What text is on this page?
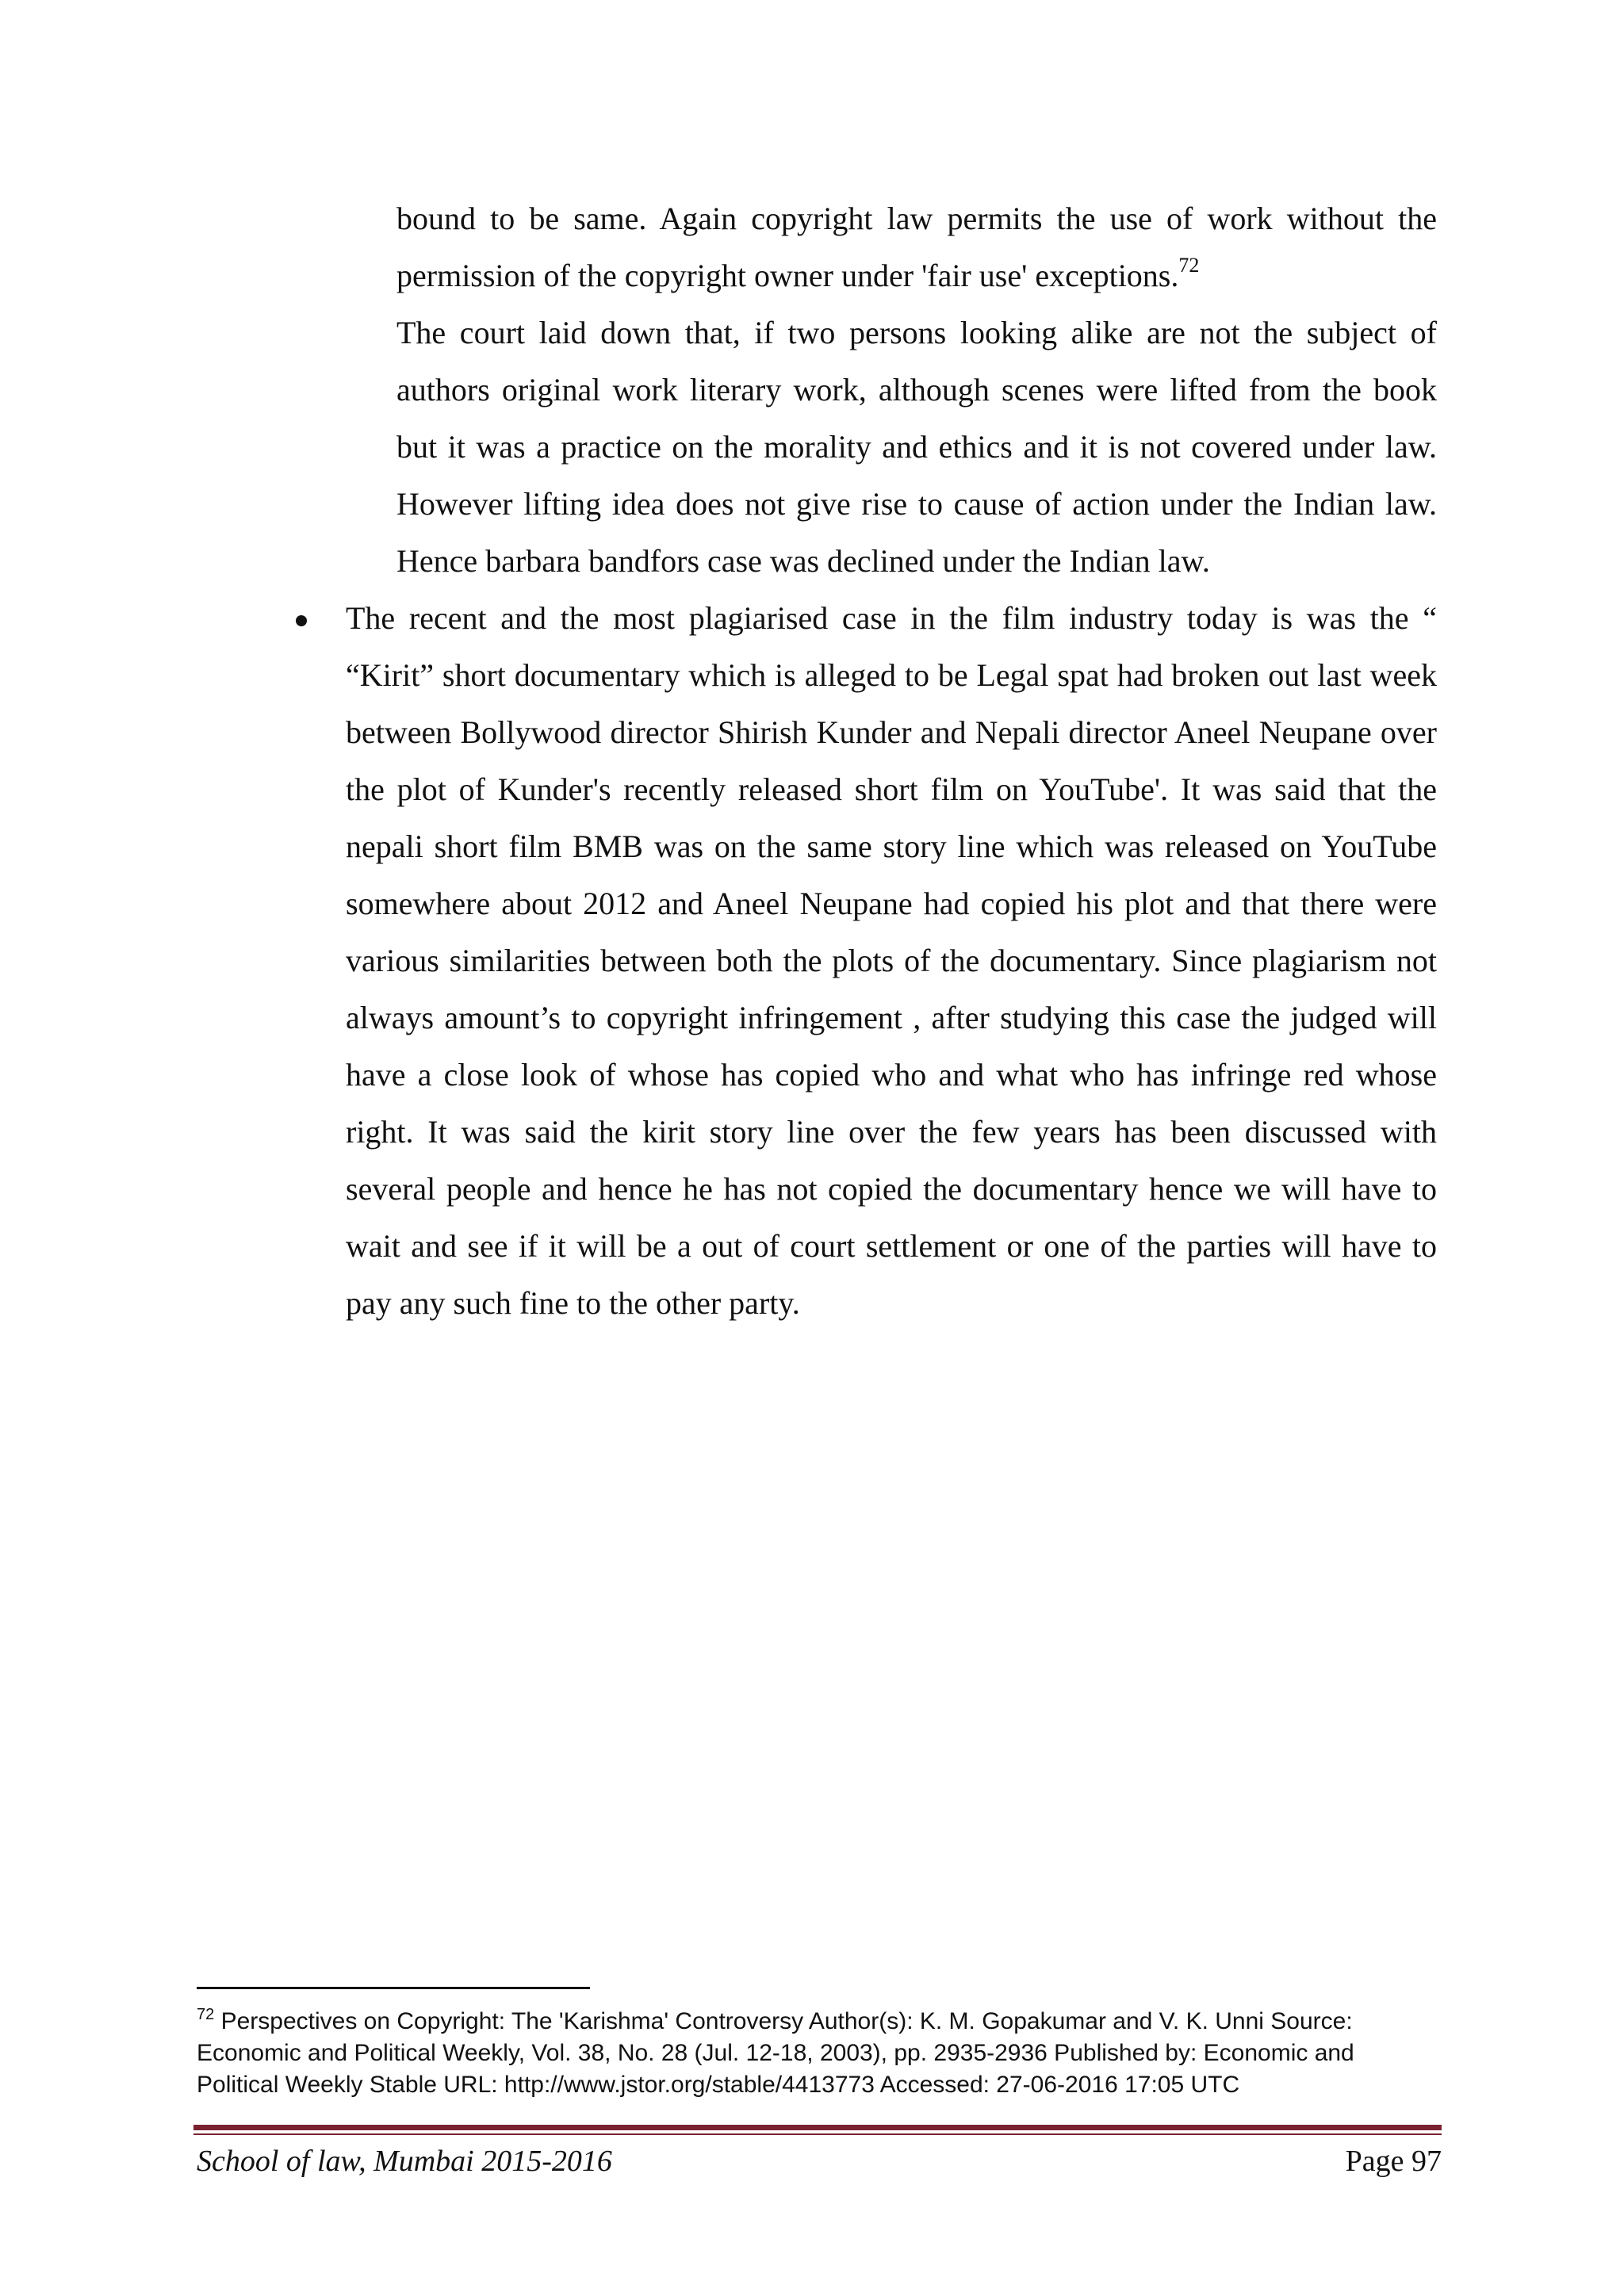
bound to be same. Again copyright law permits the use of work without the permission of the copyright owner under 'fair use' exceptions.$^{72}$

The court laid down that, if two persons looking alike are not the subject of authors original work literary work, although scenes were lifted from the book but it was a practice on the morality and ethics and it is not covered under law. However lifting idea does not give rise to cause of action under the Indian law. Hence barbara bandfors case was declined under the Indian law.

The recent and the most plagiarised case in the film industry today is was the “ “Kirit” short documentary which is alleged to be Legal spat had broken out last week between Bollywood director Shirish Kunder and Nepali director Aneel Neupane over the plot of Kunder's recently released short film on YouTube'. It was said that the nepali short film BMB was on the same story line which was released on YouTube somewhere about 2012 and Aneel Neupane had copied his plot and that there were various similarities between both the plots of the documentary. Since plagiarism not always amount’s to copyright infringement , after studying this case the judged will have a close look of whose has copied who and what who has infringe red whose right. It was said the kirit story line over the few years has been discussed with several people and hence he has not copied the documentary hence we will have to wait and see if it will be a out of court settlement or one of the parties will have to pay any such fine to the other party.
$^{72}$ Perspectives on Copyright: The 'Karishma' Controversy Author(s): K. M. Gopakumar and V. K. Unni Source: Economic and Political Weekly, Vol. 38, No. 28 (Jul. 12-18, 2003), pp. 2935-2936 Published by: Economic and Political Weekly Stable URL: http://www.jstor.org/stable/4413773 Accessed: 27-06-2016 17:05 UTC
School of law, Mumbai 2015-2016	Page 97
